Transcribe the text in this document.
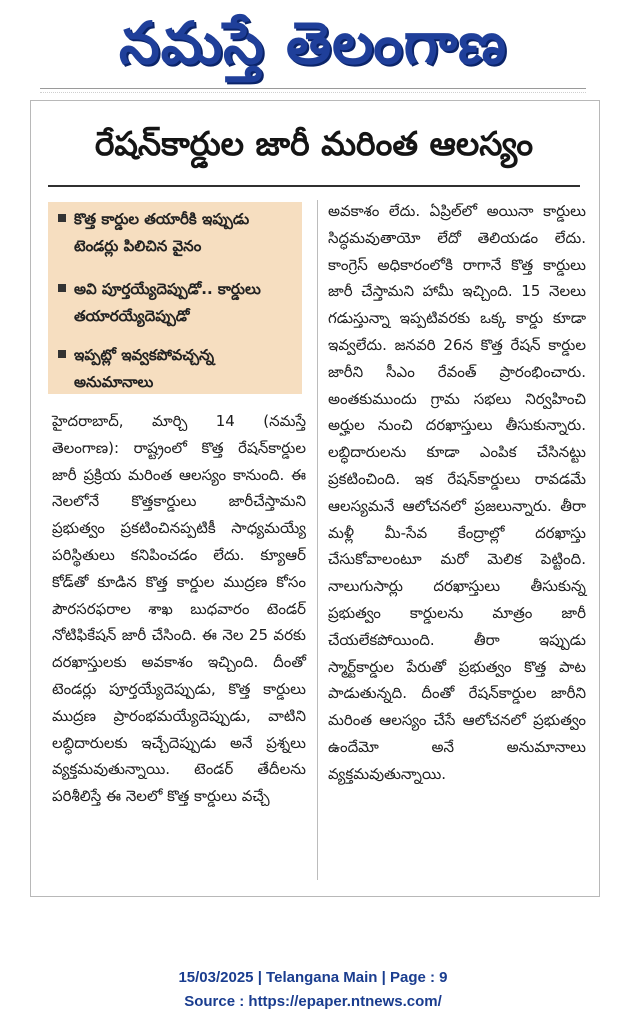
నమస్తే తెలంగాణ
రేషన్‌కార్డుల జారీ మరింత ఆలస్యం
కొత్త కార్డుల తయారీకి ఇప్పుడు టెండర్లు పిలిచిన వైనం
అవి పూర్తయ్యేదెప్పుడో.. కార్డులు తయారయ్యేదెప్పుడో
ఇప్పట్లో ఇవ్వకపోవచ్చన్న అనుమానాలు

హైదరాబాద్‌, మార్చి 14 (నమస్తే తెలంగాణ): రాష్ట్రంలో కొత్త రేషన్‌కార్డుల జారీ ప్రక్రియ మరింత ఆలస్యం కానుంది. ఈ నెలలోనే కొత్తకార్డులు జారీచేస్తామని ప్రభుత్వం ప్రకటించినప్పటికీ సాధ్యమయ్యే పరిస్థితులు కనిపించడం లేదు. క్యూఆర్‌ కోడ్‌తో కూడిన కొత్త కార్డుల ముద్రణ కోసం పౌరసరఫరాల శాఖ బుధవారం టెండర్‌ నోటిఫికేషన్‌ జారీ చేసింది. ఈ నెల 25 వరకు దరఖాస్తులకు అవకాశం ఇచ్చింది. దీంతో టెండర్లు పూర్తయ్యేదెప్పుడు, కొత్త కార్డులు ముద్రణ ప్రారంభమయ్యేదెప్పుడు, వాటిని లబ్ధిదారులకు ఇచ్చేదెప్పుడు అనే ప్రశ్నలు వ్యక్తమవుతున్నాయి. టెండర్‌ తేదీలను పరిశీలిస్తే ఈ నెలలో కొత్త కార్డులు వచ్చే

అవకాశం లేదు. ఏప్రిల్‌లో అయినా కార్డులు సిద్ధమవుతాయో లేదో తెలియడం లేదు. కాంగ్రెస్‌ అధికారంలోకి రాగానే కొత్త కార్డులు జారీ చేస్తామని హామీ ఇచ్చింది. 15 నెలలు గడుస్తున్నా ఇప్పటివరకు ఒక్క కార్డు కూడా ఇవ్వలేదు. జనవరి 26న కొత్త రేషన్‌ కార్డుల జారీని సీఎం రేవంత్‌ ప్రారంభించారు. అంతకుముందు గ్రామ సభలు నిర్వహించి అర్హుల నుంచి దరఖాస్తులు తీసుకున్నారు. లబ్ధిదారులను కూడా ఎంపిక చేసినట్టు ప్రకటించింది. ఇక రేషన్‌కార్డులు రావడమే ఆలస్యమనే ఆలోచనలో ప్రజలున్నారు. తీరా మళ్లీ మీ-సేవ కేంద్రాల్లో దరఖాస్తు చేసుకోవాలంటూ మరో మెలిక పెట్టింది. నాలుగుసార్లు దరఖాస్తులు తీసుకున్న ప్రభుత్వం కార్డులను మాత్రం జారీ చేయలేకపోయింది. తీరా ఇప్పుడు స్మార్ట్‌కార్డుల పేరుతో ప్రభుత్వం కొత్త పాట పాడుతున్నది. దీంతో రేషన్‌కార్డుల జారీని మరింత ఆలస్యం చేసే ఆలోచనలో ప్రభుత్వం ఉందేమో అనే అనుమానాలు వ్యక్తమవుతున్నాయి.

15/03/2025 | Telangana Main | Page : 9
Source : https://epaper.ntnews.com/
